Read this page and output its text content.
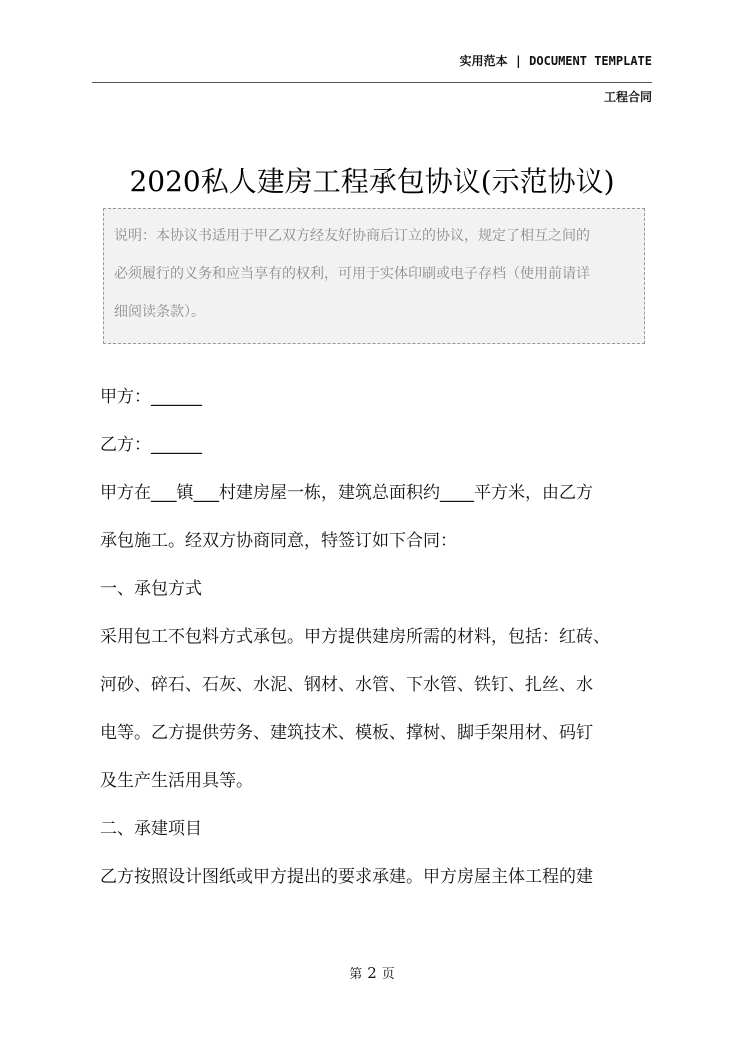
实用范本 | DOCUMENT TEMPLATE
工程合同
2020私人建房工程承包协议(示范协议)
说明：本协议书适用于甲乙双方经友好协商后订立的协议，规定了相互之间的
必须履行的义务和应当享有的权利，可用于实体印刷或电子存档（使用前请详
细阅读条款）。

甲方：______

乙方：______

甲方在___镇___村建房屋一栋，建筑总面积约____平方米，由乙方

承包施工。经双方协商同意，特签订如下合同：

一、承包方式

采用包工不包料方式承包。甲方提供建房所需的材料，包括：红砖、

河砂、碎石、石灰、水泥、钢材、水管、下水管、铁钉、扎丝、水

电等。乙方提供劳务、建筑技术、模板、撑树、脚手架用材、码钉

及生产生活用具等。

二、承建项目

乙方按照设计图纸或甲方提出的要求承建。甲方房屋主体工程的建

第 2 页
